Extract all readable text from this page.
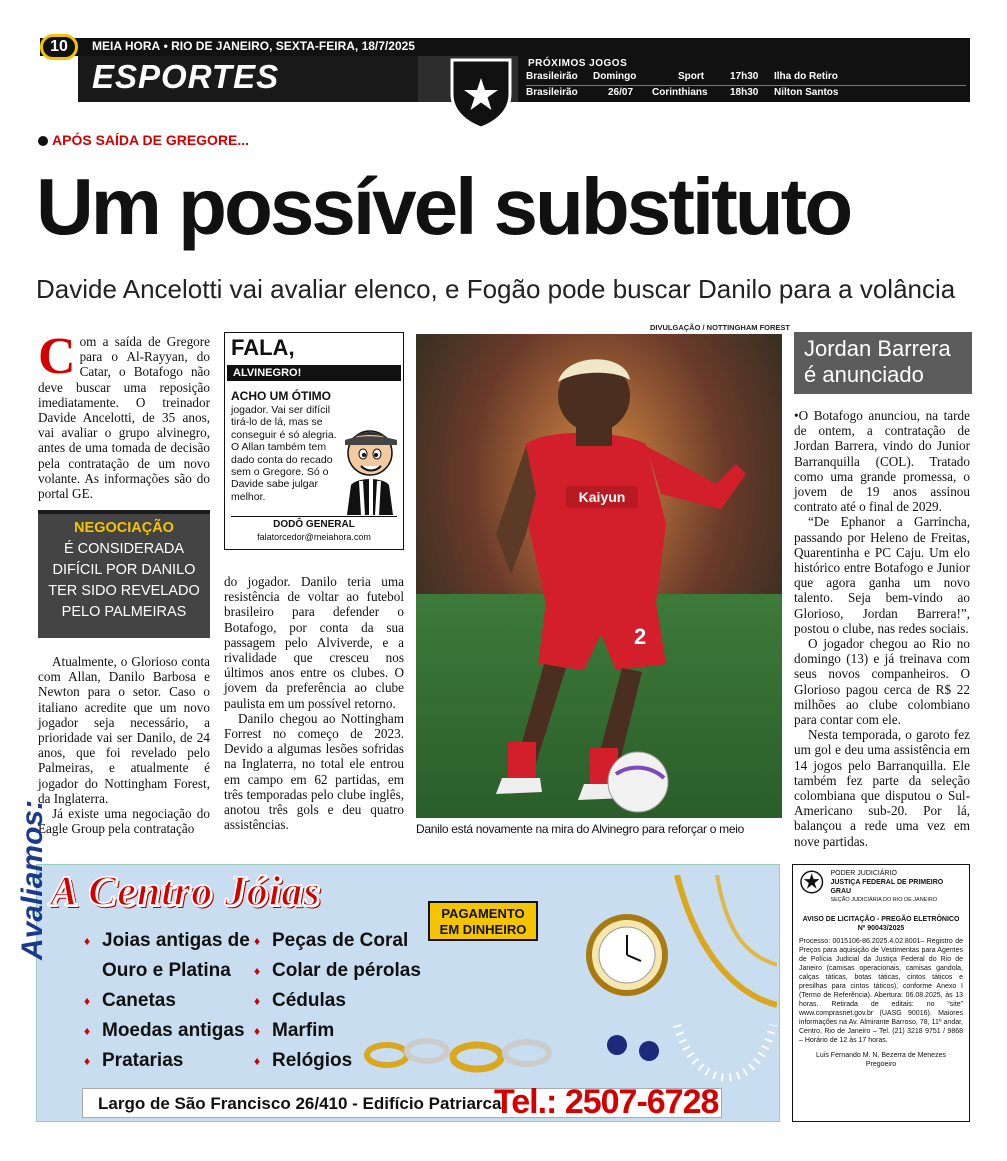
10	MEIA HORA • RIO DE JANEIRO, SEXTA-FEIRA, 18/7/2025
ESPORTES	PRÓXIMOS JOGOS
Brasileirão Domingo	Sport	17h30 Ilha do Retiro
Brasileirão	26/07 Corinthians 18h30 Nilton Santos
APÓS SAÍDA DE GREGORE...
Um possível substituto
Davide Ancelotti vai avaliar elenco, e Fogão pode buscar Danilo para a volância
C om a saída de Gregore para o Al-Rayyan, do Catar, o Botafogo não deve buscar uma reposição imediatamente. O treinador Davide Ancelotti, de 35 anos, vai avaliar o grupo alvinegro, antes de uma tomada de decisão pela contratação de um novo volante. As informações são do portal GE.
NEGOCIAÇÃO
É CONSIDERADA DIFÍCIL POR DANILO TER SIDO REVELADO PELO PALMEIRAS

Atualmente, o Glorioso conta com Allan, Danilo Barbosa e Newton para o setor. Caso o italiano acredite que um novo jogador seja necessário, a prioridade vai ser Danilo, de 24 anos, que foi revelado pelo Palmeiras, e atualmente é jogador do Nottingham Forest, da Inglaterra.

Já existe uma negociação do Eagle Group pela contratação

FALA,
ALVINEGRO!
ACHO UM ÓTIMO
jogador. Vai ser difícil tirá-lo de lá, mas se conseguir é só alegria. O Allan também tem dado conta do recado sem o Gregore. Só o Davide sabe julgar melhor.
DODÔ GENERAL
falatorcedor@meiahora.com

do jogador. Danilo teria uma resistência de voltar ao futebol brasileiro para defender o Botafogo, por conta da sua passagem pelo Alviverde, e a rivalidade que cresceu nos últimos anos entre os clubes. O jovem da preferência ao clube paulista em um possível retorno.

Danilo chegou ao Nottingham Forrest no começo de 2023. Devido a algumas lesões sofridas na Inglaterra, no total ele entrou em campo em 62 partidas, em três temporadas pelo clube inglês, anotou três gols e deu quatro assistências.

DIVULGAÇÃO / NOTTINGHAM FOREST
Kaiyun
2
Danilo está novamente na mira do Alvinegro para reforçar o meio
Jordan Barrera é anunciado

•O Botafogo anunciou, na tarde de ontem, a contratação de Jordan Barrera, vindo do Junior Barranquilla (COL). Tratado como uma grande promessa, o jovem de 19 anos assinou contrato até o final de 2029.

“De Ephanor a Garrincha, passando por Heleno de Freitas, Quarentinha e PC Caju. Um elo histórico entre Botafogo e Junior que agora ganha um novo talento. Seja bem-vindo ao Glorioso, Jordan Barrera!”, postou o clube, nas redes sociais.

O jogador chegou ao Rio no domingo (13) e já treinava com seus novos companheiros. O Glorioso pagou cerca de R$ 22 milhões ao clube colombiano para contar com ele.

Nesta temporada, o garoto fez um gol e deu uma assistência em 14 jogos pelo Barranquilla. Ele também fez parte da seleção colombiana que disputou o Sul-Americano sub-20. Por lá, balançou a rede uma vez em nove partidas.

A Centro Jóias
Avaliamos:
♦	Joias antigas de Ouro e Platina
♦ Canetas
♦ Moedas antigas
♦ Pratarias
♦ Peças de Coral
♦ Colar de pérolas
♦ Cédulas
♦ Marfim
♦ Relógios
PAGAMENTO EM DINHEIRO
Largo de São Francisco 26/410 - Edifício Patriarca
Tel.: 2507-6728
PODER JUDICIÁRIO
JUSTIÇA FEDERAL DE PRIMEIRO GRAU
SEÇÃO JUDICIÁRIA DO RIO DE JANEIRO
AVISO DE LICITAÇÃO - PREGÃO ELETRÔNICO Nº 90043/2025
Processo: 0015106-86.2025.4.02.8001– Registro de Preços para aquisição de Vestimentas para Agentes de Polícia Judicial da Justiça Federal do Rio de Janeiro (camisas operacionais, camisas gandola, calças táticas, botas táticas, cintos táticos e presilhas para cintos táticos), conforme Anexo I (Termo de Referência). Abertura: 06.08.2025, às 13 horas. Retirada de editais: no “site” www.comprasnet.gov.br (UASG 90016). Maiores informações na Av. Almirante Barroso, 78, 11º andar, Centro, Rio de Janeiro – Tel. (21) 3218 9751 / 9868 – Horário de 12 às 17 horas.
Luis Fernando M. N. Bezerra de Menezes
Pregoeiro
